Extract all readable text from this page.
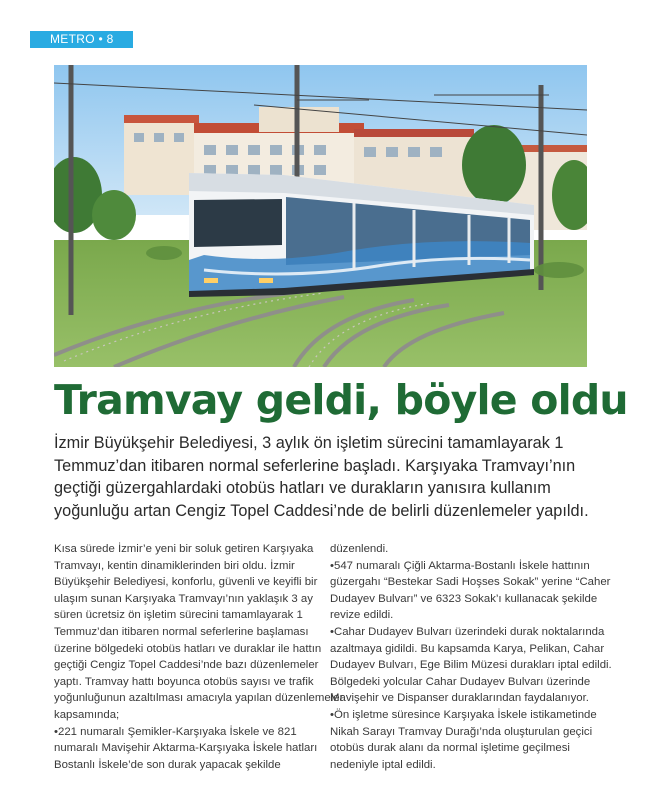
METRO • 8
Tramvay geldi, böyle oldu
İzmir Büyükşehir Belediyesi, 3 aylık ön işletim sürecini tamamlayarak 1
Temmuz’dan itibaren normal seferlerine başladı. Karşıyaka Tramvayı’nın
geçtiği güzergahlardaki otobüs hatları ve durakların yanısıra kullanım
yoğunluğu artan Cengiz Topel Caddesi’nde de belirli düzenlemeler yapıldı.
Kısa sürede İzmir’e yeni bir soluk getiren Karşıyaka
Tramvayı, kentin dinamiklerinden biri oldu. İzmir
Büyükşehir Belediyesi, konforlu, güvenli ve keyifli bir
ulaşım sunan Karşıyaka Tramvayı’nın yaklaşık 3 ay
süren ücretsiz ön işletim sürecini tamamlayarak 1
Temmuz’dan itibaren normal seferlerine başlaması
üzerine bölgedeki otobüs hatları ve duraklar ile hattın
geçtiği Cengiz Topel Caddesi’nde bazı düzenlemeler
yaptı. Tramvay hattı boyunca otobüs sayısı ve trafik
yoğunluğunun azaltılması amacıyla yapılan düzenlemeler
kapsamında;
•221 numaralı Şemikler-Karşıyaka İskele ve 821
numaralı Mavişehir Aktarma-Karşıyaka İskele hatları
Bostanlı İskele’de son durak yapacak şekilde
düzenlendi.
•547 numaralı Çiğli Aktarma-Bostanlı İskele hattının
güzergahı “Bestekar Sadi Hoşses Sokak” yerine “Caher
Dudayev Bulvarı” ve 6323 Sokak’ı kullanacak şekilde
revize edildi.
•Cahar Dudayev Bulvarı üzerindeki durak noktalarında
azaltmaya gidildi. Bu kapsamda Karya, Pelikan, Cahar
Dudayev Bulvarı, Ege Bilim Müzesi durakları iptal edildi.
Bölgedeki yolcular Cahar Dudayev Bulvarı üzerinde
Mavişehir ve Dispanser duraklarından faydalanıyor.
•Ön işletme süresince Karşıyaka İskele istikametinde
Nikah Sarayı Tramvay Durağı’nda oluşturulan geçici
otobüs durak alanı da normal işletime geçilmesi
nedeniyle iptal edildi.
